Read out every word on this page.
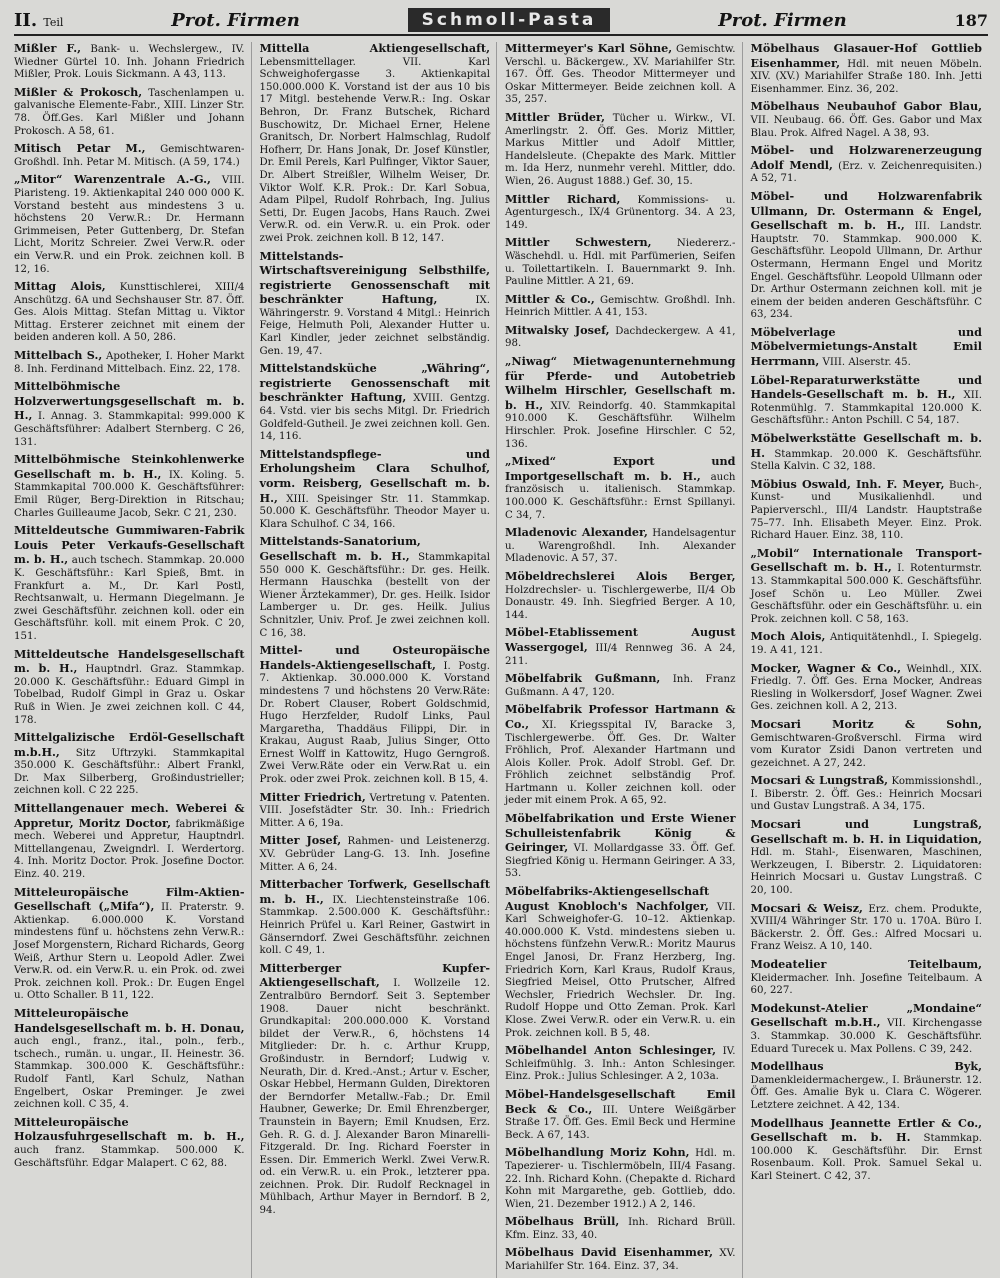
II. Teil	Prot. Firmen	Schmoll-Pasta	Prot. Firmen	187

Mißler F., Bank- u. Wechslergew., IV. Wiedner Gürtel 10. Inh. Johann Friedrich Mißler, Prok. Louis Sickmann. A 43, 113.

Mißler & Prokosch, Taschenlampen u. galvanische Elemente-Fabr., XIII. Linzer Str. 78. Öff.Ges. Karl Mißler und Johann Prokosch. A 58, 61.

Mitisch Petar M., Gemischtwaren-Großhdl. Inh. Petar M. Mitisch. (A 59, 174.)

„Mitor“ Warenzentrale A.-G., VIII. Piaristeng. 19. Aktienkapital 240 000 000 K. Vorstand besteht aus mindestens 3 u. höchstens 20 Verw.R.: Dr. Hermann Grimmeisen, Peter Guttenberg, Dr. Stefan Licht, Moritz Schreier. Zwei Verw.R. oder ein Verw.R. und ein Prok. zeichnen koll. B 12, 16.

Mittag Alois, Kunsttischlerei, XIII/4 Anschützg. 6A und Sechshauser Str. 87. Öff. Ges. Alois Mittag. Stefan Mittag u. Viktor Mittag. Ersterer zeichnet mit einem der beiden anderen koll. A 50, 286.

Mittelbach S., Apotheker, I. Hoher Markt 8. Inh. Ferdinand Mittelbach. Einz. 22, 178.

Mittelböhmische Holzverwertungsgesellschaft m. b. H., I. Annag. 3. Stammkapital: 999.000 K Geschäftsführer: Adalbert Sternberg. C 26, 131.

Mittelböhmische Steinkohlenwerke Gesellschaft m. b. H., IX. Koling. 5. Stammkapital 700.000 K. Geschäftsführer: Emil Rüger, Berg-Direktion in Ritschau; Charles Guilleaume Jacob, Sekr. C 21, 230.

Mitteldeutsche Gummiwaren-Fabrik Louis Peter Verkaufs-Gesellschaft m. b. H., auch tschech. Stammkap. 20.000 K. Geschäftsführ.: Karl Spieß, Bmt. in Frankfurt a. M., Dr. Karl Postl, Rechtsanwalt, u. Hermann Diegelmann. Je zwei Geschäftsführ. zeichnen koll. oder ein Geschäftsführ. koll. mit einem Prok. C 20, 151.

Mitteldeutsche Handelsgesellschaft m. b. H., Hauptndrl. Graz. Stammkap. 20.000 K. Geschäftsführ.: Eduard Gimpl in Tobelbad, Rudolf Gimpl in Graz u. Oskar Ruß in Wien. Je zwei zeichnen koll. C 44, 178.

Mittelgalizische Erdöl-Gesellschaft m.b.H., Sitz Uftrzyki. Stammkapital 350.000 K. Geschäftsführ.: Albert Frankl, Dr. Max Silberberg, Großindustrieller; zeichnen koll. C 22 225.

Mittellangenauer mech. Weberei & Appretur, Moritz Doctor, fabrikmäßige mech. Weberei und Appretur, Hauptndrl. Mittellangenau, Zweigndrl. I. Werdertorg. 4. Inh. Moritz Doctor. Prok. Josefine Doctor. Einz. 40. 219.

Mitteleuropäische Film-Aktien-Gesellschaft („Mifa“), II. Praterstr. 9. Aktienkap. 6.000.000 K. Vorstand mindestens fünf u. höchstens zehn Verw.R.: Josef Morgenstern, Richard Richards, Georg Weiß, Arthur Stern u. Leopold Adler. Zwei Verw.R. od. ein Verw.R. u. ein Prok. od. zwei Prok. zeichnen koll. Prok.: Dr. Eugen Engel u. Otto Schaller. B 11, 122.

Mitteleuropäische Handelsgesellschaft m. b. H. Donau, auch engl., franz., ital., poln., ferb., tschech., rumän. u. ungar., II. Heinestr. 36. Stammkap. 300.000 K. Geschäftsführ.: Rudolf Fantl, Karl Schulz, Nathan Engelbert, Oskar Preminger. Je zwei zeichnen koll. C 35, 4.

Mitteleuropäische Holzausfuhrgesellschaft m. b. H., auch franz. Stammkap. 500.000 K. Geschäftsführ. Edgar Malapert. C 62, 88.

Mittella Aktiengesellschaft, Lebensmittellager. VII. Karl Schweighofergasse 3. Aktienkapital 150.000.000 K. Vorstand ist der aus 10 bis 17 Mitgl. bestehende Verw.R.: Ing. Oskar Behron, Dr. Franz Butschek, Richard Buschowitz, Dr. Michael Erner, Helene Granitsch, Dr. Norbert Halmschlag, Rudolf Hofherr, Dr. Hans Jonak, Dr. Josef Künstler, Dr. Emil Perels, Karl Pulfinger, Viktor Sauer, Dr. Albert Streißler, Wilhelm Weiser, Dr. Viktor Wolf. K.R. Prok.: Dr. Karl Sobua, Adam Pilpel, Rudolf Rohrbach, Ing. Julius Setti, Dr. Eugen Jacobs, Hans Rauch. Zwei Verw.R. od. ein Verw.R. u. ein Prok. oder zwei Prok. zeichnen koll. B 12, 147.

Mittelstands-Wirtschaftsvereinigung Selbsthilfe, registrierte Genossenschaft mit beschränkter Haftung,	IX. Währingerstr. 9. Vorstand 4 Mitgl.: Heinrich Feige, Helmuth Poli, Alexander Hutter u. Karl Kindler, jeder zeichnet selbständig. Gen. 19, 47.

Mittelstandsküche „Währing“, registrierte Genossenschaft mit beschränkter Haftung, XVIII. Gentzg. 64. Vstd. vier bis sechs Mitgl. Dr. Friedrich Goldfeld-Gutheil. Je zwei zeichnen koll. Gen. 14, 116.

Mittelstandspflege- und Erholungsheim Clara Schulhof, vorm. Reisberg, Gesellschaft m. b. H., XIII. Speisinger Str. 11. Stammkap. 50.000 K. Geschäftsführ. Theodor Mayer u. Klara Schulhof. C 34, 166.

Mittelstands-Sanatorium, Gesellschaft m. b. H., Stammkapital 550 000 K. Geschäftsführ.: Dr. ges. Heilk. Hermann Hauschka (bestellt von der Wiener Ärztekammer), Dr. ges. Heilk. Isidor Lamberger u. Dr. ges. Heilk. Julius Schnitzler, Univ. Prof. Je zwei zeichnen koll. C 16, 38.

Mittel- und Osteuropäische Handels-Aktiengesellschaft, I. Postg. 7. Aktienkap. 30.000.000 K. Vorstand mindestens 7 und höchstens 20 Verw.Räte: Dr. Robert Clauser, Robert Goldschmid, Hugo Herzfelder, Rudolf Links, Paul Margaretha, Thaddäus Filippi, Dir. in Krakau, August Raab, Julius Singer, Otto Ernest Wolff in Kattowitz, Hugo Gerngroß. Zwei Verw.Räte oder ein Verw.Rat u. ein Prok. oder zwei Prok. zeichnen koll. B 15, 4.

Mitter Friedrich, Vertretung v. Patenten. VIII. Josefstädter Str. 30. Inh.: Friedrich Mitter. A 6, 19a.

Mitter Josef, Rahmen- und Leistenerzg. XV. Gebrüder Lang-G. 13. Inh. Josefine Mitter. A 6, 24.

Mitterbacher Torfwerk, Gesellschaft m. b. H., IX. Liechtensteinstraße 106. Stammkap. 2.500.000 K. Geschäftsführ.: Heinrich Prüfel u. Karl Reiner, Gastwirt in Gänserndorf. Zwei Geschäftsführ. zeichnen koll. C 49, 1.

Mitterberger Kupfer-Aktiengesellschaft, I. Wollzeile 12. Zentralbüro Berndorf. Seit 3. September 1908. Dauer nicht beschränkt. Grundkapital: 200.000.000 K. Vorstand bildet der Verw.R., 6, höchstens 14 Mitglieder: Dr. h. c. Arthur Krupp, Großindustr. in Berndorf; Ludwig v. Neurath, Dir. d. Kred.-Anst.; Artur v. Escher, Oskar Hebbel, Hermann Gulden, Direktoren der Berndorfer Metallw.-Fab.; Dr. Emil Haubner, Gewerke; Dr. Emil Ehrenzberger, Traunstein in Bayern; Emil Knudsen, Erz. Geh. R. G. d. J. Alexander Baron Minarelli-Fitzgerald. Dr. Ing. Richard Foerster in Essen. Dir. Emmerich Werkl. Zwei Verw.R. od. ein Verw.R. u. ein Prok., letzterer ppa. zeichnen. Prok. Dir. Rudolf Recknagel in Mühlbach, Arthur Mayer in Berndorf. B 2, 94.

Mittermeyer's Karl Söhne, Gemischtw. Verschl. u. Bäckergew., XV. Mariahilfer Str. 167. Öff. Ges. Theodor Mittermeyer und Oskar Mittermeyer. Beide zeichnen koll. A 35, 257.

Mittler Brüder, Tücher u. Wirkw., VI. Amerlingstr. 2. Öff. Ges. Moriz Mittler, Markus Mittler und Adolf Mittler, Handelsleute. (Chepakte des Mark. Mittler m. Ida Herz, nunmehr verehl. Mittler, ddo. Wien, 26. August 1888.) Gef. 30, 15.

Mittler Richard, Kommissions- u. Agenturgesch., IX/4 Grünentorg. 34. A 23, 149.

Mittler Schwestern, Niedererz.- Wäschehdl. u. Hdl. mit Parfümerien, Seifen u. Toilettartikeln. I. Bauernmarkt 9. Inh. Pauline Mittler. A 21, 69.

Mittler & Co., Gemischtw. Großhdl. Inh. Heinrich Mittler. A 41, 153.

Mitwalsky Josef, Dachdeckergew. A 41, 98.

„Niwag“ Mietwagenunternehmung für Pferde- und Autobetrieb Wilhelm Hirschler, Gesellschaft m. b. H., XIV. Reindorfg. 40. Stammkapital 910.000 K. Geschäftsführ. Wilhelm Hirschler. Prok. Josefine Hirschler. C 52, 136.

„Mixed“ Export und Importgesellschaft m. b. H., auch französisch u. italienisch. Stammkap. 100.000 K. Geschäftsführ.: Ernst Spillanyi. C 34, 7.

Mladenovic Alexander, Handelsagentur u. Warengroßhdl. Inh. Alexander Mladenovic. A 57, 37.

Möbeldrechslerei Alois Berger, Holzdrechsler- u. Tischlergewerbe, II/4 Ob Donaustr. 49. Inh. Siegfried Berger. A 10, 144.

Möbel-Etablissement August Wassergogel, III/4 Rennweg 36. A 24, 211.

Möbelfabrik Gußmann, Inh. Franz Gußmann. A 47, 120.

Möbelfabrik Professor Hartmann & Co., XI. Kriegsspital IV, Baracke 3, Tischlergewerbe. Öff. Ges. Dr. Walter Fröhlich, Prof. Alexander Hartmann und Alois Koller. Prok. Adolf Strobl. Gef. Dr. Fröhlich zeichnet selbständig Prof. Hartmann u. Koller zeichnen koll. oder jeder mit einem Prok. A 65, 92.

Möbelfabrikation und Erste Wiener Schulleistenfabrik König & Geiringer, VI. Mollardgasse 33. Öff. Gef. Siegfried König u. Hermann Geiringer. A 33, 53.

Möbelfabriks-Aktiengesellschaft August Knobloch's Nachfolger, VII. Karl Schweighofer-G. 10–12. Aktienkap. 40.000.000 K. Vstd. mindestens sieben u. höchstens fünfzehn Verw.R.: Moritz Maurus Engel Janosi, Dr. Franz Herzberg, Ing. Friedrich Korn, Karl Kraus, Rudolf Kraus, Siegfried Meisel, Otto Prutscher, Alfred Wechsler, Friedrich Wechsler. Dr. Ing. Rudolf Hoppe und Otto Zeman. Prok. Karl Klose. Zwei Verw.R. oder ein Verw.R. u. ein Prok. zeichnen koll. B 5, 48.

Möbelhandel Anton Schlesinger, IV. Schleifmühlg. 3. Inh.: Anton Schlesinger. Einz. Prok.: Julius Schlesinger. A 2, 103a.

Möbel-Handelsgesellschaft Emil Beck & Co., III. Untere Weißgärber Straße 17. Öff. Ges. Emil Beck und Hermine Beck. A 67, 143.

Möbelhandlung Moriz Kohn, Hdl. m. Tapezierer- u. Tischlermöbeln, III/4 Fasang. 22. Inh. Richard Kohn. (Chepakte d. Richard Kohn mit Margarethe, geb. Gottlieb, ddo. Wien, 21. Dezember 1912.) A 2, 146.

Möbelhaus Brüll, Inh. Richard Brüll. Kfm. Einz. 33, 40.

Möbelhaus David Eisenhammer, XV. Mariahilfer Str. 164. Einz. 37, 34.

Möbelhaus Glasauer-Hof Gottlieb Eisenhammer, Hdl. mit neuen Möbeln. XIV. (XV.) Mariahilfer Straße 180. Inh. Jetti Eisenhammer. Einz. 36, 202.

Möbelhaus Neubauhof Gabor Blau, VII. Neubaug. 66. Öff. Ges. Gabor und Max Blau. Prok. Alfred Nagel. A 38, 93.

Möbel- und Holzwarenerzeugung Adolf Mendl, (Erz. v. Zeichenrequisiten.) A 52, 71.

Möbel- und Holzwarenfabrik Ullmann, Dr. Ostermann & Engel, Gesellschaft m. b. H., III. Landstr. Hauptstr. 70. Stammkap. 900.000 K. Geschäftsführ. Leopold Ullmann, Dr. Arthur Ostermann, Hermann Engel und Moritz Engel. Geschäftsführ. Leopold Ullmann oder Dr. Arthur Ostermann zeichnen koll. mit je einem der beiden anderen Geschäftsführ. C 63, 234.

Möbelverlage und Möbelvermietungs-Anstalt Emil Herrmann, VIII. Alserstr. 45.

Löbel-Reparaturwerkstätte und Handels-Gesellschaft m. b. H., XII. Rotenmühlg. 7. Stammkapital 120.000 K. Geschäftsführ.: Anton Pschill. C 54, 187.

Möbelwerkstätte Gesellschaft m. b. H. Stammkap. 20.000 K. Geschäftsführ. Stella Kalvin. C 32, 188.

Möbius Oswald, Inh. F. Meyer, Buch-, Kunst- und Musikalienhdl. und Papierverschl., III/4 Landstr. Hauptstraße 75–77. Inh. Elisabeth Meyer. Einz. Prok. Richard Hauer. Einz. 38, 110.

„Mobil“ Internationale Transport-Gesellschaft m. b. H., I. Rotenturmstr. 13. Stammkapital 500.000 K. Geschäftsführ. Josef Schön u. Leo Müller. Zwei Geschäftsführ. oder ein Geschäftsführ. u. ein Prok. zeichnen koll. C 58, 163.

Moch Alois, Antiquitätenhdl., I. Spiegelg. 19. A 41, 121.

Mocker, Wagner & Co., Weinhdl., XIX. Friedlg. 7. Öff. Ges. Erna Mocker, Andreas Riesling in Wolkersdorf, Josef Wagner. Zwei Ges. zeichnen koll. A 2, 213.

Mocsari Moritz & Sohn, Gemischtwaren-Großverschl. Firma wird vom Kurator Zsidi Danon vertreten und gezeichnet. A 27, 242.

Mocsari & Lungstraß, Kommissionshdl., I. Biberstr. 2. Öff. Ges.: Heinrich Mocsari und Gustav Lungstraß. A 34, 175.

Mocsari und Lungstraß, Gesellschaft m. b. H. in Liquidation, Hdl. m. Stahl-, Eisenwaren, Maschinen, Werkzeugen, I. Biberstr. 2. Liquidatoren: Heinrich Mocsari u. Gustav Lungstraß. C 20, 100.

Mocsari & Weisz, Erz. chem. Produkte, XVIII/4 Währinger Str. 170 u. 170A. Büro I. Bäckerstr. 2. Öff. Ges.: Alfred Mocsari u. Franz Weisz. A 10, 140.

Modeatelier Teitelbaum, Kleidermacher. Inh. Josefine Teitelbaum. A 60, 227.

Modekunst-Atelier „Mondaine“ Gesellschaft m.b.H., VII. Kirchengasse 3. Stammkap. 30.000 K. Geschäftsführ. Eduard Turecek u. Max Pollens. C 39, 242.

Modellhaus Byk, Damenkleidermachergew., I. Bräunerstr. 12. Öff. Ges. Amalie Byk u. Clara C. Wögerer. Letztere zeichnet. A 42, 134.

Modellhaus Jeannette Ertler & Co., Gesellschaft m. b. H. Stammkap. 100.000 K. Geschäftsführ. Dir. Ernst Rosenbaum. Koll. Prok. Samuel Sekal u. Karl Steinert. C 42, 37.
